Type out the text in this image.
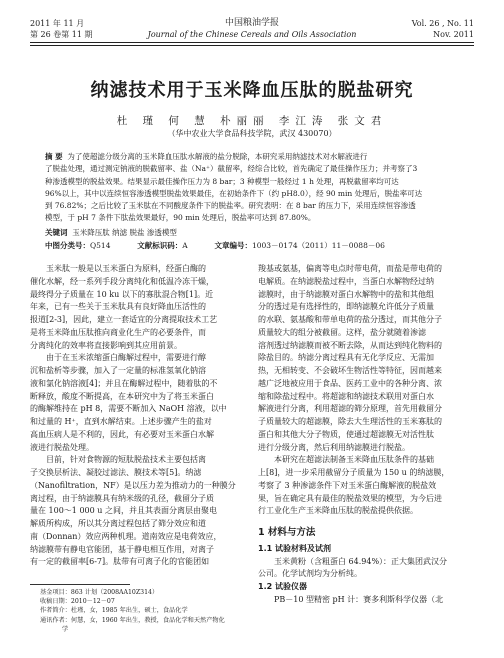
2011 年 11 月
第 26 卷第 11 期
中国粮油学报
Journal of the Chinese Cereals and Oils Association
Vol. 26 , No. 11
Nov. 2011
纳滤技术用于玉米降血压肽的脱盐研究
杜 瑾 何 慧 朴丽丽 李江涛 张文君
（华中农业大学食品科技学院，武汉 430070）
摘 要 为了使超滤分级分离的玉米降血压肽水解液的盐分脱除，本研究采用纳滤技术对水解液进行
了脱盐处理，通过测定钠液的脱截留率、盐（Na⁺）截留率，经综合比较，首先确定了最佳操作压力；并考察了3
种渗透模型的脱盐效果。结果显示最佳操作压力为 8 bar；3 种模型一般经过 1 h 处理，再脱截留率均可达
96%以上，其中以连续恒容渗透模型脱盐效果最佳，在初始条件下（约 pH8.0），经 90 min 处理后，脱盐率可达
到 76.82%；之后比较了玉米肽在不同酸度条件下的脱盐率。研究表明：在 8 bar 的压力下，采用连续恒容渗透
模型，于 pH 7 条件下肽盐效果最好，90 min 处理后，脱盐率可达到 87.80%。
关键词 玉米降压肽 纳滤 脱盐 渗透模型
中图分类号：Q514	文献标识码：A	文章编号：1003－0174（2011）11－0088－06

玉米肽一般是以玉米蛋白为原料，经蛋白酶的
催化水解，经一系列手段分离纯化和低温冷冻干燥，
最终得分子质量在 10 ku 以下的寡肽混合物[1]。近
年来，已有一些关于玉米肽具有良好降血压活性的
报道[2-3]，因此，建立一套适宜的分离提取技术工艺
是将玉米降血压肽推向商业化生产的必要条件，而
分离纯化的效率将直接影响到其应用前景。

由于在玉米浓缩蛋白酶解过程中，需要进行醇
沉和盐析等步骤，加入了一定量的标准氢氧化钠溶
液和氯化钠溶液[4]；并且在酶解过程中，随着肽的不
断释放，酸度不断提高，在本研究中为了将玉米蛋白
的酶解维持在 pH 8，需要不断加入 NaOH 溶液，以中
和过量的 H⁺，直到水解结束。上述步骤产生的盐对
高血压病人是不利的，因此，有必要对玉米蛋白水解
液进行脱盐处理。

目前，针对食物源的短肽脱盐技术主要包括离
子交换层析法、凝胶过滤法、膜技术等[5]。纳滤
（Nanofiltration，NF）是以压力差为推动力的一种膜分
离过程，由于纳滤膜具有纳米级的孔径，截留分子质
量在 100～1 000 u 之间，并且其表面分离层由聚电
解质所构成，所以其分离过程包括了筛分效应和道
南（Donnan）效应两种机理。道南效应是电荷效应，
纳滤膜带有静电官能团，基于静电相互作用，对离子
有一定的截留率[6-7]。肽带有可离子化的官能团如

基金项目：863 计划（2008AA10Z314）
收稿日期：2010－12－07
作者简介：杜瑾，女，1985 年出生，硕士，食品化学
通讯作者：何慧，女，1960 年出生，教授，食品化学和天然产物化
学
羧基或氨基，偏离等电点时带电荷，而盐是带电荷的
电解质。在纳滤脱盐过程中，当蛋白水解物经过纳
滤膜时，由于纳滤膜对蛋白水解物中的盐和其他组
分的透过是有选择性的，即纳滤膜允许低分子质量
的水联、氨基酸和带单电荷的盐分透过，而其他分子
质量较大的组分被截留。这样，盐分就随着渗滤
溶剂透过纳滤膜而被不断去除，从而达到纯化物料的
除盐目的。纳滤分离过程具有无化学反应、无需加
热，无相转变、不会破坏生物活性等特征，因而越来
越广泛地被应用于食品、医药工业中的各种分离、浓
缩和除盐过程中。将超滤和纳滤技术联用对蛋白水
解液进行分离，利用超滤的筛分原理，首先用截留分
子质量较大的超滤膜，除去大生理活性的玉米寡肽的
蛋白和其他大分子物质，使通过超滤膜无对活性肽
进行分级分离，然后利用纳滤膜进行脱盐。

本研究在超滤法制备玉米降血压肽条件的基础
上[8]，进一步采用截留分子质量为 150 u 的纳滤膜，
考察了 3 种渗滤条件下对玉米蛋白酶解液的脱盐效
果，旨在确定具有最佳的脱盐效果的模型，为今后进
行工业化生产玉米降血压肽的脱盐提供依据。

1 材料与方法
1.1 试验材料及试剂

玉米黄粉（含粗蛋白 64.94%）：正大集团武汉分
公司。化学试剂均为分析纯。

1.2 试验仪器

PB－10 型精密 pH 计：赛多利斯科学仪器（北
